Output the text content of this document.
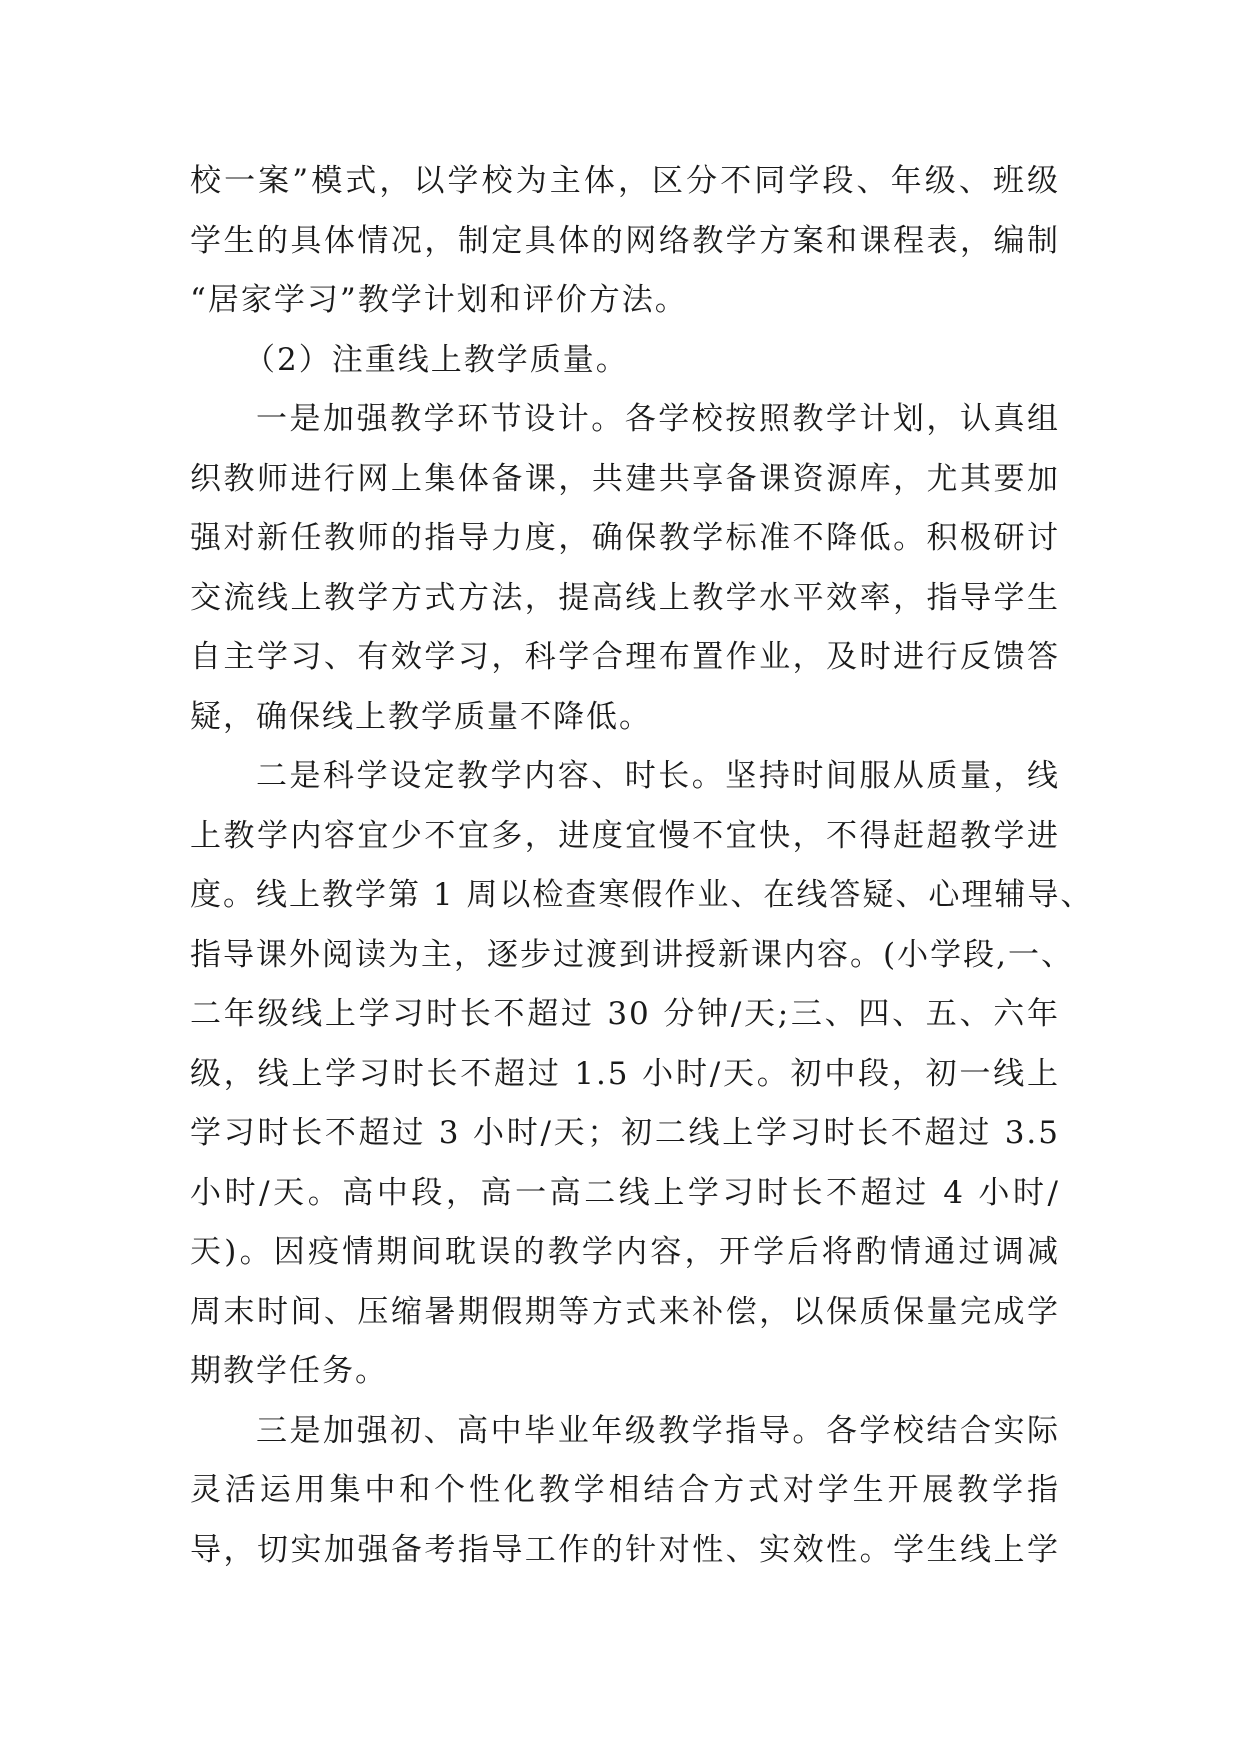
校一案”模式，以学校为主体，区分不同学段、年级、班级
学生的具体情况，制定具体的网络教学方案和课程表，编制
“居家学习”教学计划和评价方法。
（2）注重线上教学质量。
一是加强教学环节设计。各学校按照教学计划，认真组
织教师进行网上集体备课，共建共享备课资源库，尤其要加
强对新任教师的指导力度，确保教学标准不降低。积极研讨
交流线上教学方式方法，提高线上教学水平效率，指导学生
自主学习、有效学习，科学合理布置作业，及时进行反馈答
疑，确保线上教学质量不降低。
二是科学设定教学内容、时长。坚持时间服从质量，线
上教学内容宜少不宜多，进度宜慢不宜快，不得赶超教学进
度。线上教学第 1 周以检查寒假作业、在线答疑、心理辅导、
指导课外阅读为主，逐步过渡到讲授新课内容。(小学段,一、
二年级线上学习时长不超过 30 分钟/天;三、四、五、六年
级，线上学习时长不超过 1.5 小时/天。初中段，初一线上
学习时长不超过 3 小时/天；初二线上学习时长不超过 3.5
小时/天。高中段，高一高二线上学习时长不超过 4 小时/
天)。因疫情期间耽误的教学内容，开学后将酌情通过调减
周末时间、压缩暑期假期等方式来补偿，以保质保量完成学
期教学任务。
三是加强初、高中毕业年级教学指导。各学校结合实际
灵活运用集中和个性化教学相结合方式对学生开展教学指
导，切实加强备考指导工作的针对性、实效性。学生线上学
